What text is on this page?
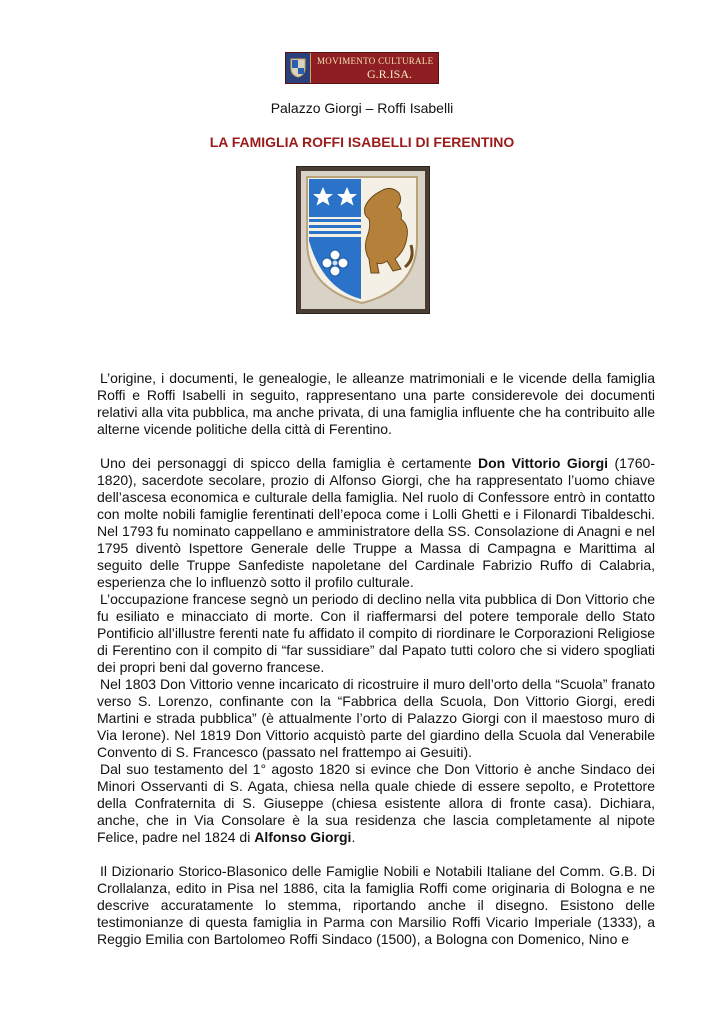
MOVIMENTO CULTURALE
G.R.ISA.
Palazzo Giorgi – Roffi Isabelli
LA FAMIGLIA ROFFI ISABELLI DI FERENTINO

L’origine, i documenti, le genealogie, le alleanze matrimoniali e le vicende della famiglia Roffi e Roffi Isabelli in seguito, rappresentano una parte considerevole dei documenti relativi alla vita pubblica, ma anche privata, di una famiglia influente che ha contribuito alle alterne vicende politiche della città di Ferentino.

Uno dei personaggi di spicco della famiglia è certamente Don Vittorio Giorgi (1760-1820), sacerdote secolare, prozio di Alfonso Giorgi, che ha rappresentato l’uomo chiave dell’ascesa economica e culturale della famiglia. Nel ruolo di Confessore entrò in contatto con molte nobili famiglie ferentinati dell’epoca come i Lolli Ghetti e i Filonardi Tibaldeschi. Nel 1793 fu nominato cappellano e amministratore della SS. Consolazione di Anagni e nel 1795 diventò Ispettore Generale delle Truppe a Massa di Campagna e Marittima al seguito delle Truppe Sanfediste napoletane del Cardinale Fabrizio Ruffo di Calabria, esperienza che lo influenzò sotto il profilo culturale.

L’occupazione francese segnò un periodo di declino nella vita pubblica di Don Vittorio che fu esiliato e minacciato di morte. Con il riaffermarsi del potere temporale dello Stato Pontificio all’illustre ferenti nate fu affidato il compito di riordinare le Corporazioni Religiose di Ferentino con il compito di “far sussidiare” dal Papato tutti coloro che si videro spogliati dei propri beni dal governo francese.

Nel 1803 Don Vittorio venne incaricato di ricostruire il muro dell’orto della “Scuola” franato verso S. Lorenzo, confinante con la “Fabbrica della Scuola, Don Vittorio Giorgi, eredi Martini e strada pubblica” (è attualmente l’orto di Palazzo Giorgi con il maestoso muro di Via Ierone). Nel 1819 Don Vittorio acquistò parte del giardino della Scuola dal Venerabile Convento di S. Francesco (passato nel frattempo ai Gesuiti).

Dal suo testamento del 1° agosto 1820 si evince che Don Vittorio è anche Sindaco dei Minori Osservanti di S. Agata, chiesa nella quale chiede di essere sepolto, e Protettore della Confraternita di S. Giuseppe (chiesa esistente allora di fronte casa). Dichiara, anche, che in Via Consolare è la sua residenza che lascia completamente al nipote Felice, padre nel 1824 di Alfonso Giorgi.

Il Dizionario Storico-Blasonico delle Famiglie Nobili e Notabili Italiane del Comm. G.B. Di Crollalanza, edito in Pisa nel 1886, cita la famiglia Roffi come originaria di Bologna e ne descrive accuratamente lo stemma, riportando anche il disegno. Esistono delle testimonianze di questa famiglia in Parma con Marsilio Roffi Vicario Imperiale (1333), a Reggio Emilia con Bartolomeo Roffi Sindaco (1500), a Bologna con Domenico, Nino e
